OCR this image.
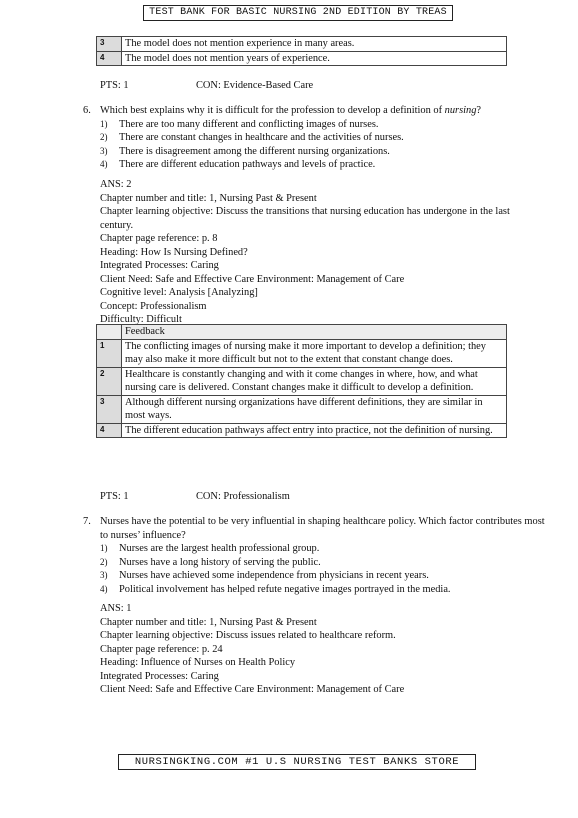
TEST BANK FOR BASIC NURSING 2ND EDITION BY TREAS
3	The model does not mention experience in many areas.
4	The model does not mention years of experience.
PTS: 1	CON: Evidence-Based Care
6. Which best explains why it is difficult for the profession to develop a definition of nursing?
1) There are too many different and conflicting images of nurses.
2) There are constant changes in healthcare and the activities of nurses.
3) There is disagreement among the different nursing organizations.
4) There are different education pathways and levels of practice.
ANS: 2
Chapter number and title: 1, Nursing Past & Present
Chapter learning objective: Discuss the transitions that nursing education has undergone in the last century.
Chapter page reference: p. 8
Heading: How Is Nursing Defined?
Integrated Processes: Caring
Client Need: Safe and Effective Care Environment: Management of Care
Cognitive level: Analysis [Analyzing]
Concept: Professionalism
Difficulty: Difficult
	Feedback
1	The conflicting images of nursing make it more important to develop a definition; they may also make it more difficult but not to the extent that constant change does.
2	Healthcare is constantly changing and with it come changes in where, how, and what nursing care is delivered. Constant changes make it difficult to develop a definition.
3	Although different nursing organizations have different definitions, they are similar in most ways.
4	The different education pathways affect entry into practice, not the definition of nursing.
PTS: 1	CON: Professionalism
7. Nurses have the potential to be very influential in shaping healthcare policy. Which factor contributes most to nurses’ influence?
1) Nurses are the largest health professional group.
2) Nurses have a long history of serving the public.
3) Nurses have achieved some independence from physicians in recent years.
4) Political involvement has helped refute negative images portrayed in the media.
ANS: 1
Chapter number and title: 1, Nursing Past & Present
Chapter learning objective: Discuss issues related to healthcare reform.
Chapter page reference: p. 24
Heading: Influence of Nurses on Health Policy
Integrated Processes: Caring
Client Need: Safe and Effective Care Environment: Management of Care
NURSINGKING.COM #1 U.S NURSING TEST BANKS STORE
